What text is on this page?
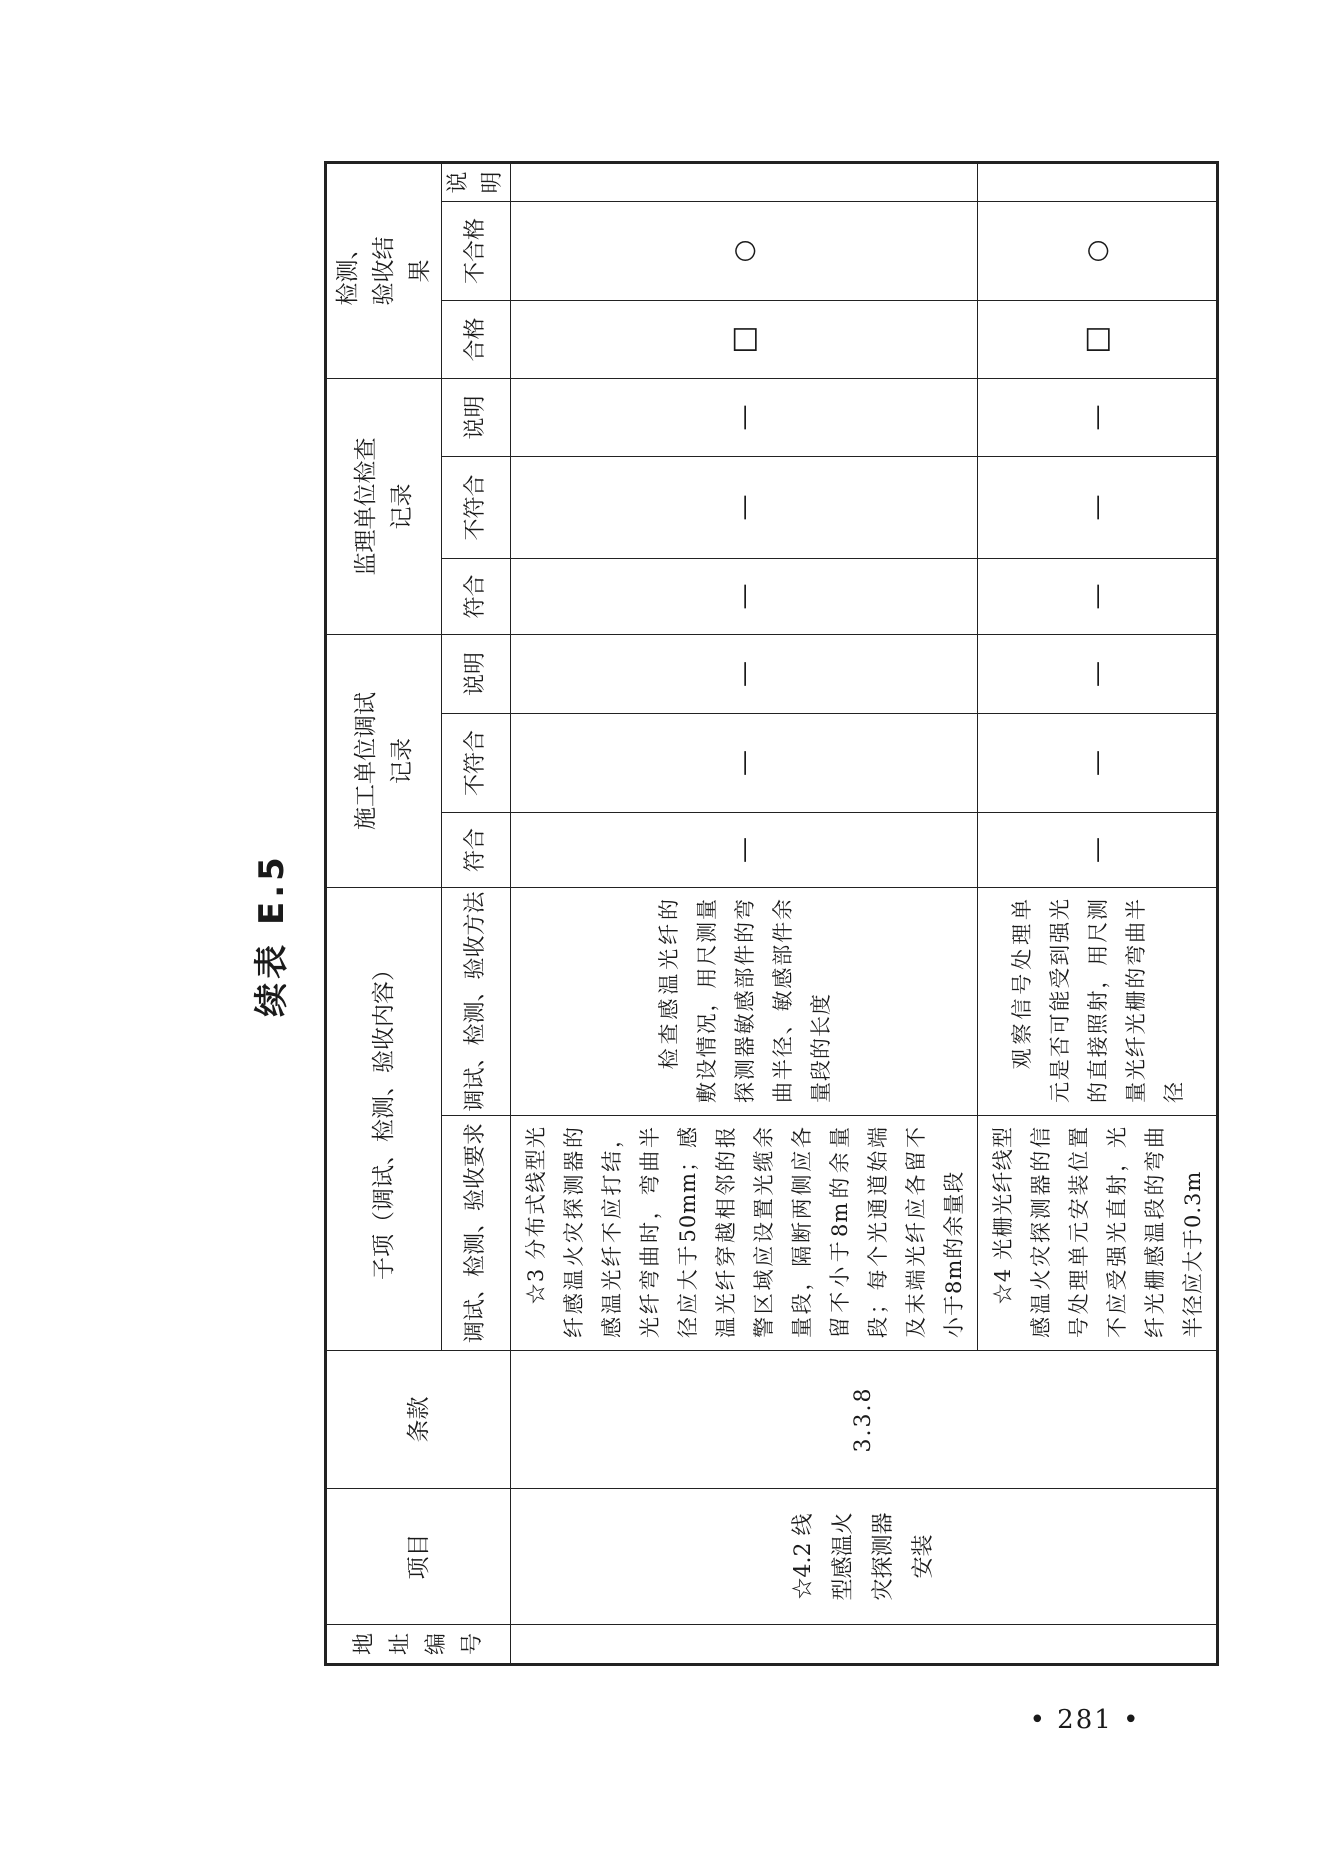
续表 E.5
地址编号	项目	条款	子项（调试、检测、验收内容）		施工单位调试记录			监理单位检查记录			检测、验收结果		
			调试、检测、验收要求	调试、检测、验收方法	符合	不符合	说明	符合	不符合	说明	合格	不合格	说明
	☆4.2 线型感温火灾探测器安装	3.3.8	☆3 分布式线型光纤感温火灾探测器的感温光纤不应打结，光纤弯曲时，弯曲半径应大于50mm；感温光纤穿越相邻的报警区域应设置光缆余量段，隔断两侧应各留不小于8m的余量段；每个光通道始端及末端光纤应各留不小于8m的余量段	检查感温光纤的敷设情况，用尺测量探测器敏感部件的弯曲半径、敏感部件余量段的长度	—	—	—	—	—	—	□	○	
			☆4 光栅光纤线型感温火灾探测器的信号处理单元安装位置不应受强光直射，光纤光栅感温段的弯曲半径应大于0.3m	观察信号处理单元是否可能受到强光的直接照射，用尺测量光纤光栅的弯曲半径	—	—	—	—	—	—	□	○	
• 281 •
